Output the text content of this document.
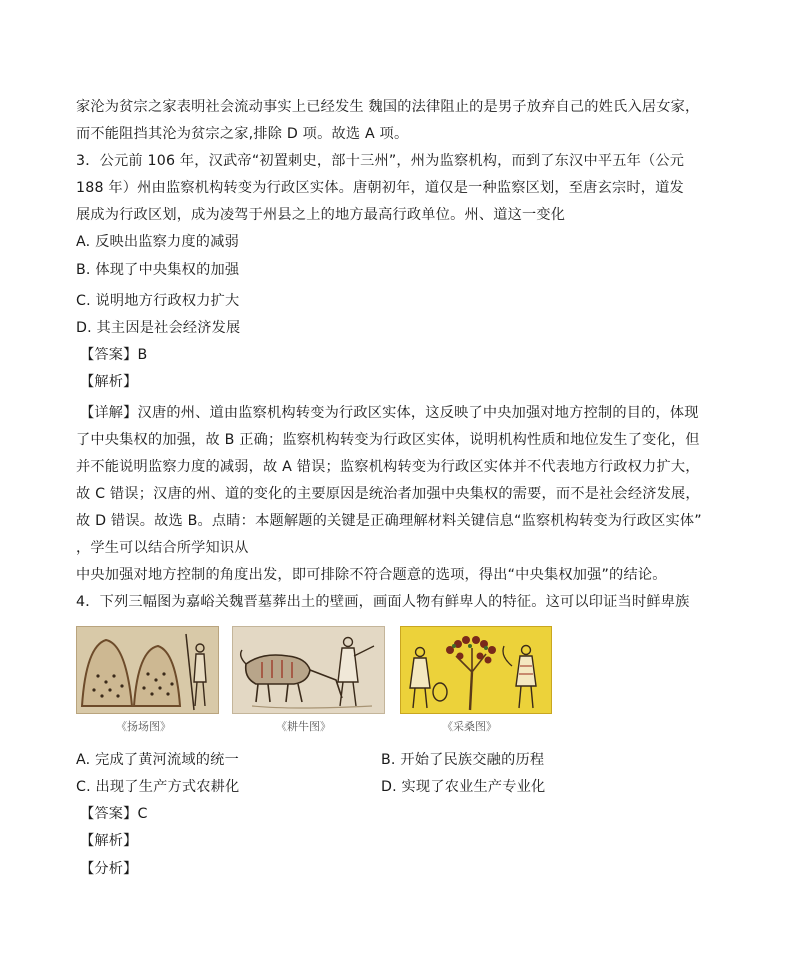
家沦为贫宗之家表明社会流动事实上已经发生 魏国的法律阻止的是男子放弃自己的姓氏入居女家，
而不能阻挡其沦为贫宗之家,排除 D 项。故选 A 项。
3．公元前 106 年，汉武帝“初置刺史，部十三州”，州为监察机构，而到了东汉中平五年（公元
188 年）州由监察机构转变为行政区实体。唐朝初年，道仅是一种监察区划，至唐玄宗时，道发
展成为行政区划，成为凌驾于州县之上的地方最高行政单位。州、道这一变化
A. 反映出监察力度的减弱
B. 体现了中央集权的加强
C. 说明地方行政权力扩大
D. 其主因是社会经济发展
【答案】B
【解析】
【详解】汉唐的州、道由监察机构转变为行政区实体，这反映了中央加强对地方控制的目的，体现
了中央集权的加强，故 B 正确；监察机构转变为行政区实体，说明机构性质和地位发生了变化，但
并不能说明监察力度的减弱，故 A 错误；监察机构转变为行政区实体并不代表地方行政权力扩大，
故 C 错误；汉唐的州、道的变化的主要原因是统治者加强中央集权的需要，而不是社会经济发展，
故 D 错误。故选 B。点睛：本题解题的关键是正确理解材料关键信息“监察机构转变为行政区实体”
，学生可以结合所学知识从
中央加强对地方控制的角度出发，即可排除不符合题意的选项，得出“中央集权加强”的结论。
4．下列三幅图为嘉峪关魏晋墓葬出土的壁画，画面人物有鲜卑人的特征。这可以印证当时鲜卑族
《扬场图》	《耕牛图》	《采桑图》
A. 完成了黄河流域的统一	B. 开始了民族交融的历程
C. 出现了生产方式农耕化	D. 实现了农业生产专业化
【答案】C
【解析】
【分析】
